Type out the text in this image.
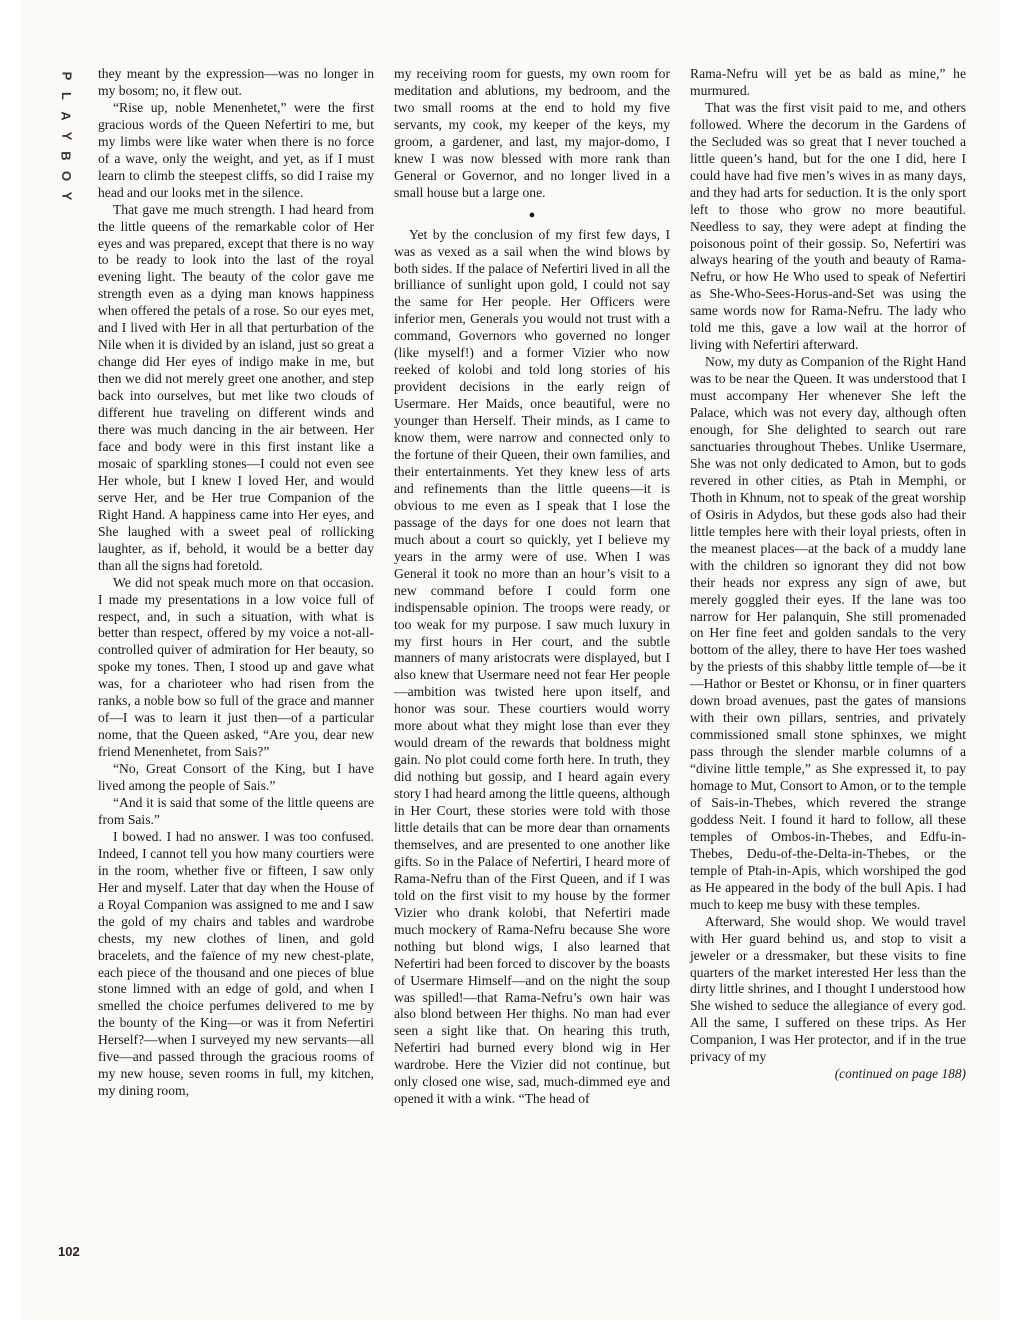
P
L
A
Y
B
O
Y

they meant by the expression—was no longer in my bosom; no, it flew out.

“Rise up, noble Menenhetet,” were the first gracious words of the Queen Nefertiri to me, but my limbs were like water when there is no force of a wave, only the weight, and yet, as if I must learn to climb the steepest cliffs, so did I raise my head and our looks met in the silence.

That gave me much strength. I had heard from the little queens of the remarkable color of Her eyes and was prepared, except that there is no way to be ready to look into the last of the royal evening light. The beauty of the color gave me strength even as a dying man knows happiness when offered the petals of a rose. So our eyes met, and I lived with Her in all that perturbation of the Nile when it is divided by an island, just so great a change did Her eyes of indigo make in me, but then we did not merely greet one another, and step back into ourselves, but met like two clouds of different hue traveling on different winds and there was much dancing in the air between. Her face and body were in this first instant like a mosaic of sparkling stones—I could not even see Her whole, but I knew I loved Her, and would serve Her, and be Her true Companion of the Right Hand. A happiness came into Her eyes, and She laughed with a sweet peal of rollicking laughter, as if, behold, it would be a better day than all the signs had foretold.

We did not speak much more on that occasion. I made my presentations in a low voice full of respect, and, in such a situation, with what is better than respect, offered by my voice a not-all-controlled quiver of admiration for Her beauty, so spoke my tones. Then, I stood up and gave what was, for a charioteer who had risen from the ranks, a noble bow so full of the grace and manner of—I was to learn it just then—of a particular nome, that the Queen asked, “Are you, dear new friend Menenhetet, from Sais?”

“No, Great Consort of the King, but I have lived among the people of Sais.”

“And it is said that some of the little queens are from Sais.”

I bowed. I had no answer. I was too confused. Indeed, I cannot tell you how many courtiers were in the room, whether five or fifteen, I saw only Her and myself. Later that day when the House of a Royal Companion was assigned to me and I saw the gold of my chairs and tables and wardrobe chests, my new clothes of linen, and gold bracelets, and the faïence of my new chest-plate, each piece of the thousand and one pieces of blue stone limned with an edge of gold, and when I smelled the choice perfumes delivered to me by the bounty of the King—or was it from Nefertiri Herself?—when I surveyed my new servants—all five—and passed through the gracious rooms of my new house, seven rooms in full, my kitchen, my dining room,

my receiving room for guests, my own room for meditation and ablutions, my bedroom, and the two small rooms at the end to hold my five servants, my cook, my keeper of the keys, my groom, a gardener, and last, my major-domo, I knew I was now blessed with more rank than General or Governor, and no longer lived in a small house but a large one.

●

Yet by the conclusion of my first few days, I was as vexed as a sail when the wind blows by both sides. If the palace of Nefertiri lived in all the brilliance of sunlight upon gold, I could not say the same for Her people. Her Officers were inferior men, Generals you would not trust with a command, Governors who governed no longer (like myself!) and a former Vizier who now reeked of kolobi and told long stories of his provident decisions in the early reign of Usermare. Her Maids, once beautiful, were no younger than Herself. Their minds, as I came to know them, were narrow and connected only to the fortune of their Queen, their own families, and their entertainments. Yet they knew less of arts and refinements than the little queens—it is obvious to me even as I speak that I lose the passage of the days for one does not learn that much about a court so quickly, yet I believe my years in the army were of use. When I was General it took no more than an hour’s visit to a new command before I could form one indispensable opinion. The troops were ready, or too weak for my purpose. I saw much luxury in my first hours in Her court, and the subtle manners of many aristocrats were displayed, but I also knew that Usermare need not fear Her people—ambition was twisted here upon itself, and honor was sour. These courtiers would worry more about what they might lose than ever they would dream of the rewards that boldness might gain. No plot could come forth here. In truth, they did nothing but gossip, and I heard again every story I had heard among the little queens, although in Her Court, these stories were told with those little details that can be more dear than ornaments themselves, and are presented to one another like gifts. So in the Palace of Nefertiri, I heard more of Rama-Nefru than of the First Queen, and if I was told on the first visit to my house by the former Vizier who drank kolobi, that Nefertiri made much mockery of Rama-Nefru because She wore nothing but blond wigs, I also learned that Nefertiri had been forced to discover by the boasts of Usermare Himself—and on the night the soup was spilled!—that Rama-Nefru’s own hair was also blond between Her thighs. No man had ever seen a sight like that. On hearing this truth, Nefertiri had burned every blond wig in Her wardrobe. Here the Vizier did not continue, but only closed one wise, sad, much-dimmed eye and opened it with a wink. “The head of

Rama-Nefru will yet be as bald as mine,” he murmured.

That was the first visit paid to me, and others followed. Where the decorum in the Gardens of the Secluded was so great that I never touched a little queen’s hand, but for the one I did, here I could have had five men’s wives in as many days, and they had arts for seduction. It is the only sport left to those who grow no more beautiful. Needless to say, they were adept at finding the poisonous point of their gossip. So, Nefertiri was always hearing of the youth and beauty of Rama-Nefru, or how He Who used to speak of Nefertiri as She-Who-Sees-Horus-and-Set was using the same words now for Rama-Nefru. The lady who told me this, gave a low wail at the horror of living with Nefertiri afterward.

Now, my duty as Companion of the Right Hand was to be near the Queen. It was understood that I must accompany Her whenever She left the Palace, which was not every day, although often enough, for She delighted to search out rare sanctuaries throughout Thebes. Unlike Usermare, She was not only dedicated to Amon, but to gods revered in other cities, as Ptah in Memphi, or Thoth in Khnum, not to speak of the great worship of Osiris in Adydos, but these gods also had their little temples here with their loyal priests, often in the meanest places—at the back of a muddy lane with the children so ignorant they did not bow their heads nor express any sign of awe, but merely goggled their eyes. If the lane was too narrow for Her palanquin, She still promenaded on Her fine feet and golden sandals to the very bottom of the alley, there to have Her toes washed by the priests of this shabby little temple of—be it—Hathor or Bestet or Khonsu, or in finer quarters down broad avenues, past the gates of mansions with their own pillars, sentries, and privately commissioned small stone sphinxes, we might pass through the slender marble columns of a “divine little temple,” as She expressed it, to pay homage to Mut, Consort to Amon, or to the temple of Sais-in-Thebes, which revered the strange goddess Neit. I found it hard to follow, all these temples of Ombos-in-Thebes, and Edfu-in-Thebes, Dedu-of-the-Delta-in-Thebes, or the temple of Ptah-in-Apis, which worshiped the god as He appeared in the body of the bull Apis. I had much to keep me busy with these temples.

Afterward, She would shop. We would travel with Her guard behind us, and stop to visit a jeweler or a dressmaker, but these visits to fine quarters of the market interested Her less than the dirty little shrines, and I thought I understood how She wished to seduce the allegiance of every god. All the same, I suffered on these trips. As Her Companion, I was Her protector, and if in the true privacy of my

(continued on page 188)
102
